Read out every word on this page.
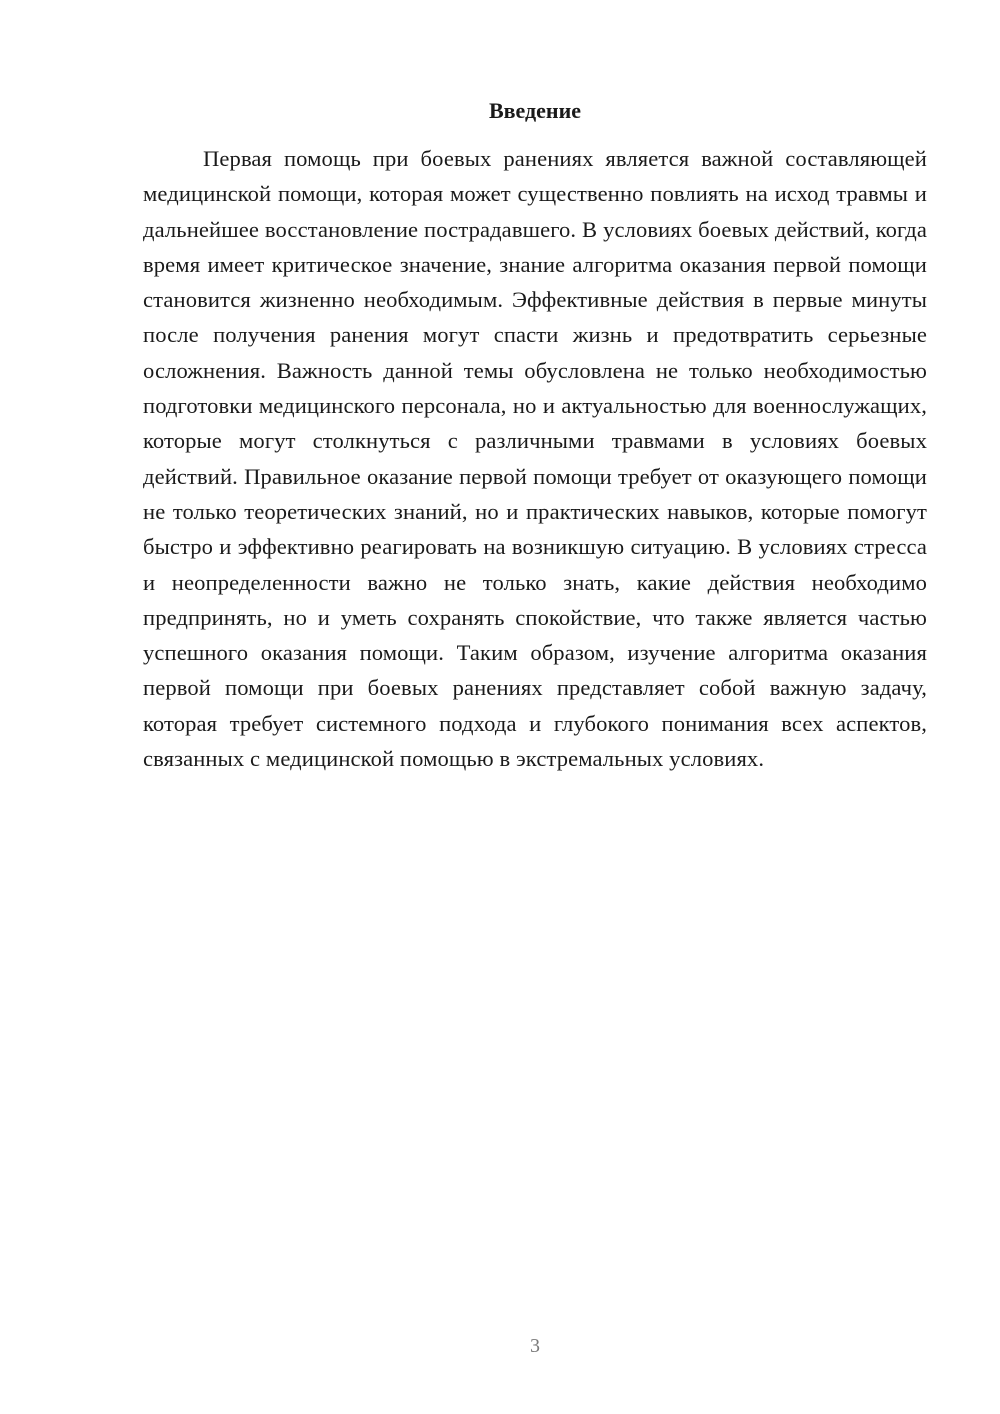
Введение

Первая помощь при боевых ранениях является важной составляющей медицинской помощи, которая может существенно повлиять на исход травмы и дальнейшее восстановление пострадавшего. В условиях боевых действий, когда время имеет критическое значение, знание алгоритма оказания первой помощи становится жизненно необходимым. Эффективные действия в первые минуты после получения ранения могут спасти жизнь и предотвратить серьезные осложнения. Важность данной темы обусловлена не только необходимостью подготовки медицинского персонала, но и актуальностью для военнослужащих, которые могут столкнуться с различными травмами в условиях боевых действий. Правильное оказание первой помощи требует от оказующего помощи не только теоретических знаний, но и практических навыков, которые помогут быстро и эффективно реагировать на возникшую ситуацию. В условиях стресса и неопределенности важно не только знать, какие действия необходимо предпринять, но и уметь сохранять спокойствие, что также является частью успешного оказания помощи. Таким образом, изучение алгоритма оказания первой помощи при боевых ранениях представляет собой важную задачу, которая требует системного подхода и глубокого понимания всех аспектов, связанных с медицинской помощью в экстремальных условиях.

3
